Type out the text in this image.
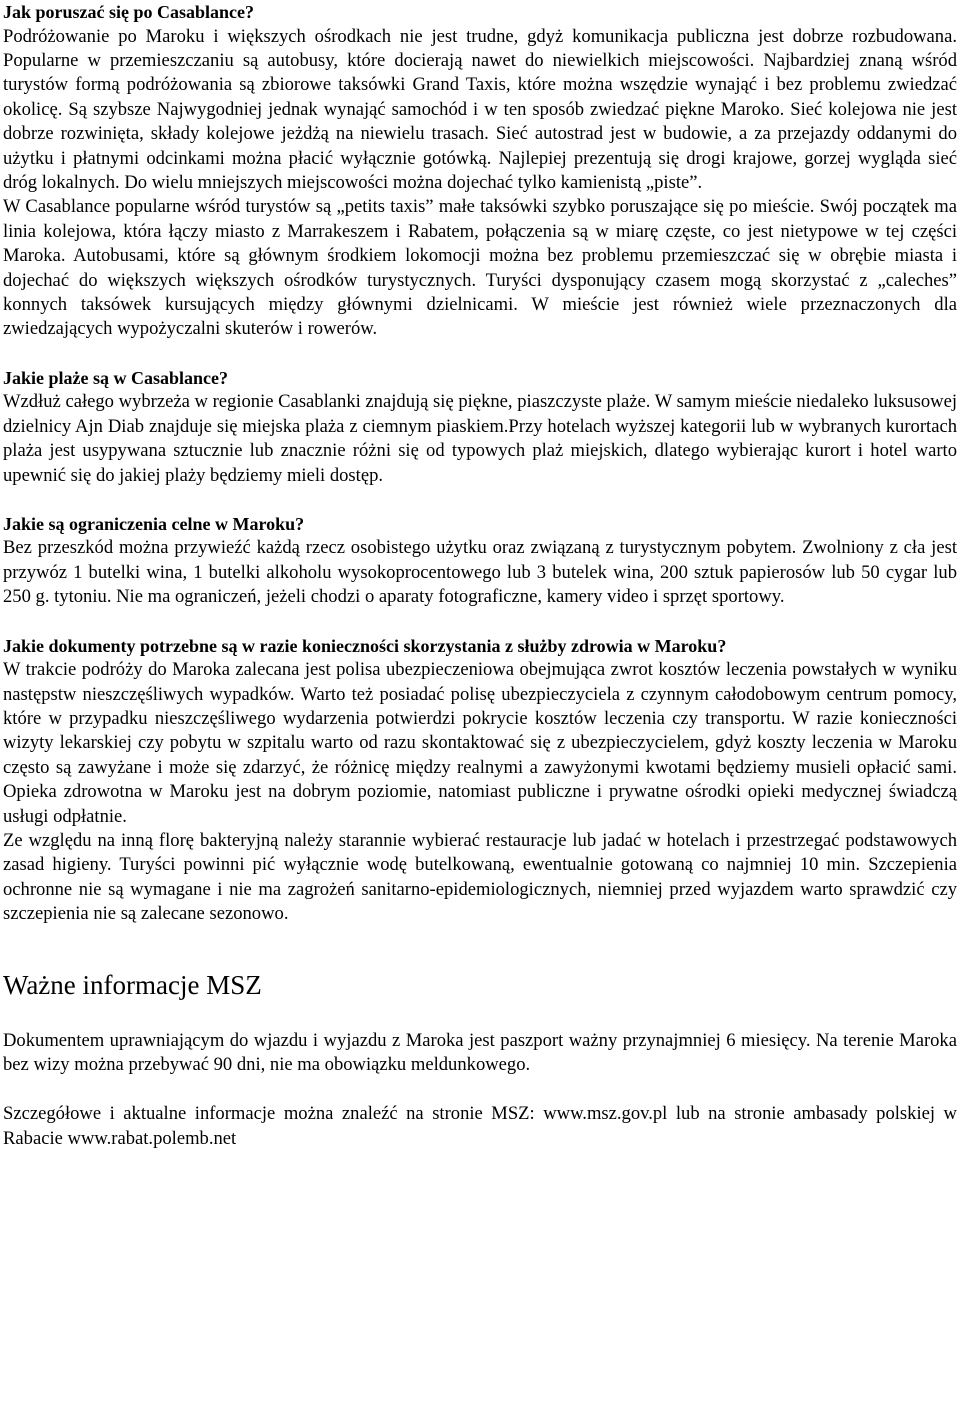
Jak poruszać się po Casablance?

Podróżowanie po Maroku i większych ośrodkach nie jest trudne, gdyż komunikacja publiczna jest dobrze rozbudowana. Popularne w przemieszczaniu są autobusy, które docierają nawet do niewielkich miejscowości. Najbardziej znaną wśród turystów formą podróżowania są zbiorowe taksówki Grand Taxis, które można wszędzie wynająć i bez problemu zwiedzać okolicę. Są szybsze Najwygodniej jednak wynająć samochód i w ten sposób zwiedzać piękne Maroko. Sieć kolejowa nie jest dobrze rozwinięta, składy kolejowe jeżdżą na niewielu trasach. Sieć autostrad jest w budowie, a za przejazdy oddanymi do użytku i płatnymi odcinkami można płacić wyłącznie gotówką. Najlepiej prezentują się drogi krajowe, gorzej wygląda sieć dróg lokalnych. Do wielu mniejszych miejscowości można dojechać tylko kamienistą „piste”.

W Casablance popularne wśród turystów są „petits taxis” małe taksówki szybko poruszające się po mieście. Swój początek ma linia kolejowa, która łączy miasto z Marrakeszem i Rabatem, połączenia są w miarę częste, co jest nietypowe w tej części Maroka. Autobusami, które są głównym środkiem lokomocji można bez problemu przemieszczać się w obrębie miasta i dojechać do większych większych ośrodków turystycznych. Turyści dysponujący czasem mogą skorzystać z „caleches” konnych taksówek kursujących między głównymi dzielnicami. W mieście jest również wiele przeznaczonych dla zwiedzających wypożyczalni skuterów i rowerów.

Jakie plaże są w Casablance?

Wzdłuż całego wybrzeża w regionie Casablanki znajdują się piękne, piaszczyste plaże. W samym mieście niedaleko luksusowej dzielnicy Ajn Diab znajduje się miejska plaża z ciemnym piaskiem.Przy hotelach wyższej kategorii lub w wybranych kurortach plaża jest usypywana sztucznie lub znacznie różni się od typowych plaż miejskich, dlatego wybierając kurort i hotel warto upewnić się do jakiej plaży będziemy mieli dostęp.

Jakie są ograniczenia celne w Maroku?

Bez przeszkód można przywieźć każdą rzecz osobistego użytku oraz związaną z turystycznym pobytem. Zwolniony z cła jest przywóz 1 butelki wina, 1 butelki alkoholu wysokoprocentowego lub 3 butelek wina, 200 sztuk papierosów lub 50 cygar lub 250 g. tytoniu. Nie ma ograniczeń, jeżeli chodzi o aparaty fotograficzne, kamery video i sprzęt sportowy.

Jakie dokumenty potrzebne są w razie konieczności skorzystania z służby zdrowia w Maroku?

W trakcie podróży do Maroka zalecana jest polisa ubezpieczeniowa obejmująca zwrot kosztów leczenia powstałych w wyniku następstw nieszczęśliwych wypadków. Warto też posiadać polisę ubezpieczyciela z czynnym całodobowym centrum pomocy, które w przypadku nieszczęśliwego wydarzenia potwierdzi pokrycie kosztów leczenia czy transportu. W razie konieczności wizyty lekarskiej czy pobytu w szpitalu warto od razu skontaktować się z ubezpieczycielem, gdyż koszty leczenia w Maroku często są zawyżane i może się zdarzyć, że różnicę między realnymi a zawyżonymi kwotami będziemy musieli opłacić sami. Opieka zdrowotna w Maroku jest na dobrym poziomie, natomiast publiczne i prywatne ośrodki opieki medycznej świadczą usługi odpłatnie.

Ze względu na inną florę bakteryjną należy starannie wybierać restauracje lub jadać w hotelach i przestrzegać podstawowych zasad higieny. Turyści powinni pić wyłącznie wodę butelkowaną, ewentualnie gotowaną co najmniej 10 min. Szczepienia ochronne nie są wymagane i nie ma zagrożeń sanitarno-epidemiologicznych, niemniej przed wyjazdem warto sprawdzić czy szczepienia nie są zalecane sezonowo.

Ważne informacje MSZ

Dokumentem uprawniającym do wjazdu i wyjazdu z Maroka jest paszport ważny przynajmniej 6 miesięcy. Na terenie Maroka bez wizy można przebywać 90 dni, nie ma obowiązku meldunkowego.

Szczegółowe i aktualne informacje można znaleźć na stronie MSZ: www.msz.gov.pl lub na stronie ambasady polskiej w Rabacie www.rabat.polemb.net
